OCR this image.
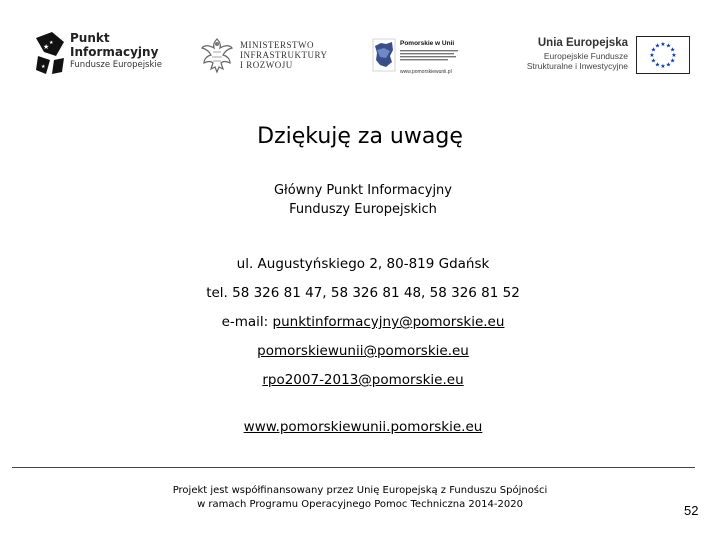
★
★
★
Punkt
Informacyjny
Fundusze Europejskie
MINISTERSTWO
INFRASTRUKTURY
I ROZWOJU
Pomorskie w Unii
www.pomorskiewunii.pl
Unia Europejska
Europejskie Fundusze
Strukturalne i Inwestycyjne
★ ★
★
★
★
★
★
★
★
★
★
★
Dziękuję za uwagę
Główny Punkt Informacyjny
Funduszy Europejskich
ul. Augustyńskiego 2, 80-819 Gdańsk
tel. 58 326 81 47, 58 326 81 48, 58 326 81 52
e-mail: punktinformacyjny@pomorskie.eu
pomorskiewunii@pomorskie.eu
rpo2007-2013@pomorskie.eu
www.pomorskiewunii.pomorskie.eu
Projekt jest współfinansowany przez Unię Europejską z Funduszu Spójności
w ramach Programu Operacyjnego Pomoc Techniczna 2014-2020	52
